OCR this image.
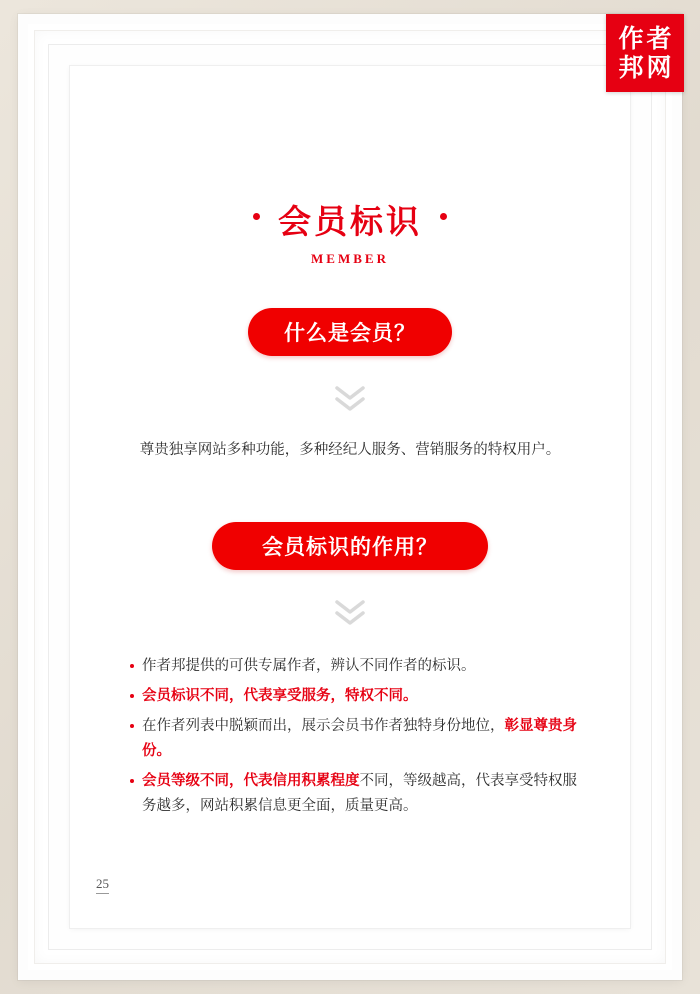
作者
邦网
会员标识
MEMBER
什么是会员？
尊贵独享网站多种功能，多种经纪人服务、营销服务的特权用户。
会员标识的作用？
作者邦提供的可供专属作者，辨认不同作者的标识。
会员标识不同，代表享受服务，特权不同。
在作者列表中脱颖而出，展示会员书作者独特身份地位，彰显尊贵身份。
会员等级不同，代表信用积累程度不同，等级越高，代表享受特权服务越多，网站积累信息更全面，质量更高。
25
